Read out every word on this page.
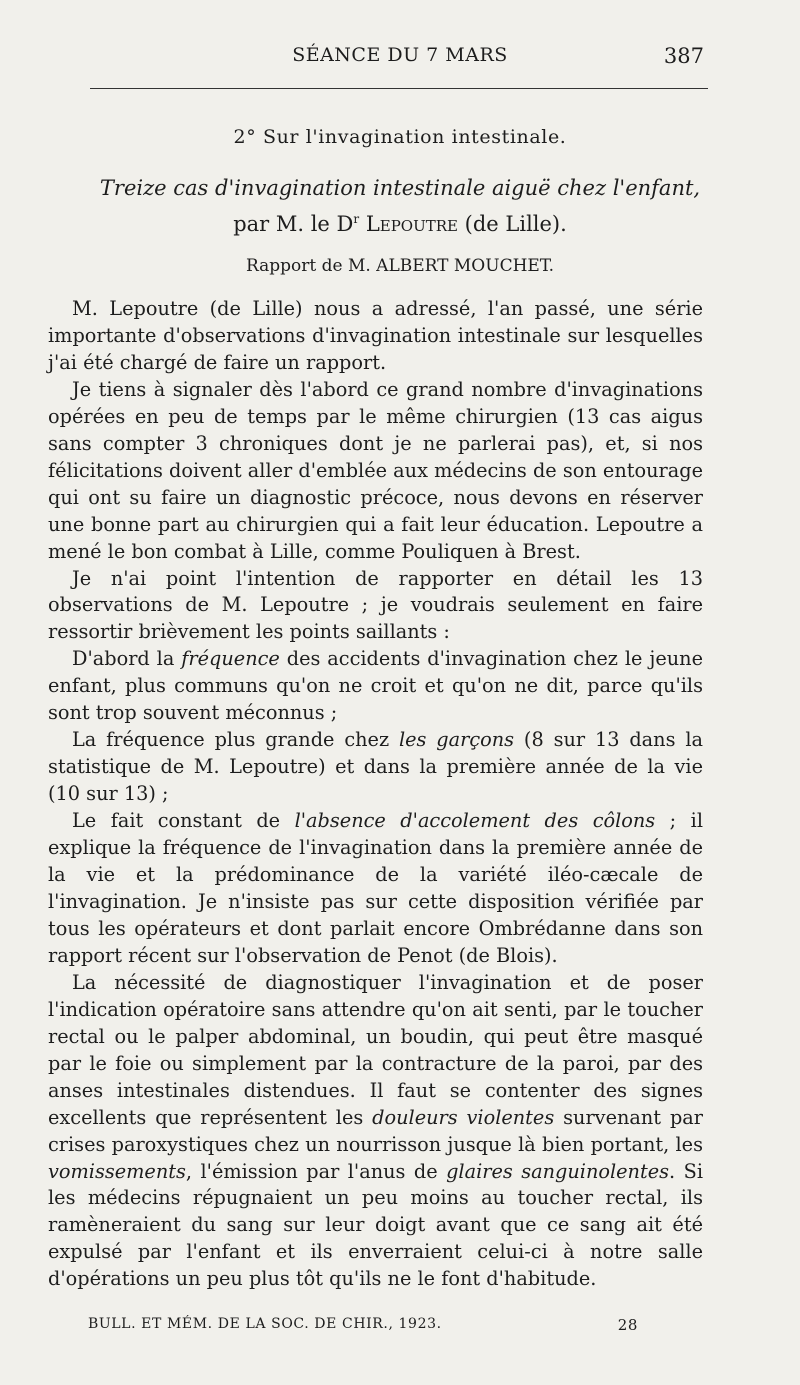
SÉANCE DU 7 MARS	387
2° Sur l'invagination intestinale.
Treize cas d'invagination intestinale aiguë chez l'enfant,
par M. le $D^r$ Lepoutre (de Lille).
Rapport de M. ALBERT MOUCHET.

M. Lepoutre (de Lille) nous a adressé, l'an passé, une série importante d'observations d'invagination intestinale sur lesquelles j'ai été chargé de faire un rapport.

Je tiens à signaler dès l'abord ce grand nombre d'invaginations opérées en peu de temps par le même chirurgien (13 cas aigus sans compter 3 chroniques dont je ne parlerai pas), et, si nos félicitations doivent aller d'emblée aux médecins de son entourage qui ont su faire un diagnostic précoce, nous devons en réserver une bonne part au chirurgien qui a fait leur éducation. Lepoutre a mené le bon combat à Lille, comme Pouliquen à Brest.

Je n'ai point l'intention de rapporter en détail les 13 observations de M. Lepoutre ; je voudrais seulement en faire ressortir brièvement les points saillants :

D'abord la fréquence des accidents d'invagination chez le jeune enfant, plus communs qu'on ne croit et qu'on ne dit, parce qu'ils sont trop souvent méconnus ;

La fréquence plus grande chez les garçons (8 sur 13 dans la statistique de M. Lepoutre) et dans la première année de la vie (10 sur 13) ;

Le fait constant de l'absence d'accolement des côlons ; il explique la fréquence de l'invagination dans la première année de la vie et la prédominance de la variété iléo-cæcale de l'invagination. Je n'insiste pas sur cette disposition vérifiée par tous les opérateurs et dont parlait encore Ombrédanne dans son rapport récent sur l'observation de Penot (de Blois).

La nécessité de diagnostiquer l'invagination et de poser l'indication opératoire sans attendre qu'on ait senti, par le toucher rectal ou le palper abdominal, un boudin, qui peut être masqué par le foie ou simplement par la contracture de la paroi, par des anses intestinales distendues. Il faut se contenter des signes excellents que représentent les douleurs violentes survenant par crises paroxystiques chez un nourrisson jusque là bien portant, les vomissements, l'émission par l'anus de glaires sanguinolentes. Si les médecins répugnaient un peu moins au toucher rectal, ils ramèneraient du sang sur leur doigt avant que ce sang ait été expulsé par l'enfant et ils enverraient celui-ci à notre salle d'opérations un peu plus tôt qu'ils ne le font d'habitude.

BULL. ET MÉM. DE LA SOC. DE CHIR., 1923.	28
